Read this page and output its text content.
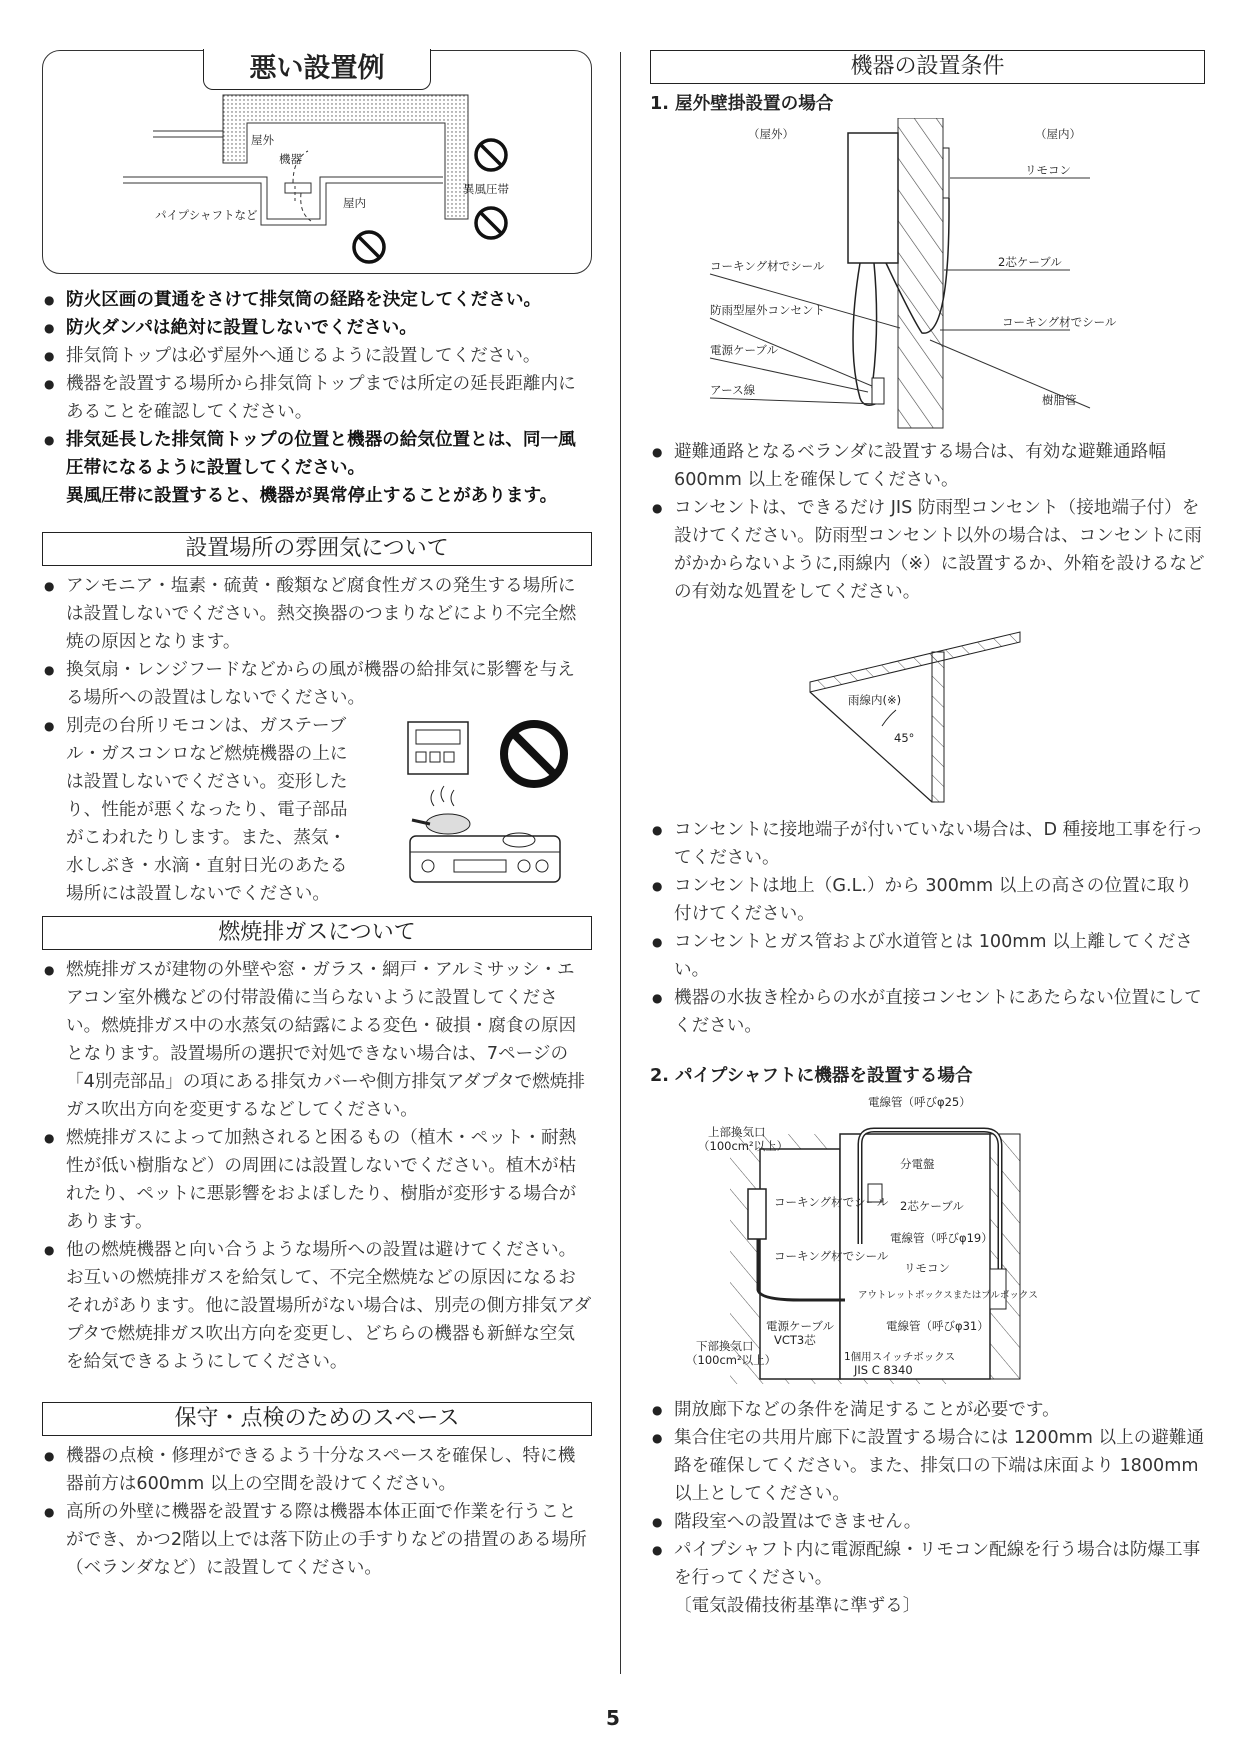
悪い設置例
屋外
機器
屋内
パイプシャフトなど
異風圧帯
● 防火区画の貫通をさけて排気筒の経路を決定してください。
● 防火ダンパは絶対に設置しないでください。
● 排気筒トップは必ず屋外へ通じるように設置してください。
● 機器を設置する場所から排気筒トップまでは所定の延長距離内にあることを確認してください。
● 排気延長した排気筒トップの位置と機器の給気位置とは、同一風圧帯になるように設置してください。
異風圧帯に設置すると、機器が異常停止することがあります。
設置場所の雰囲気について
● アンモニア・塩素・硫黄・酸類など腐食性ガスの発生する場所には設置しないでください。熱交換器のつまりなどにより不完全燃焼の原因となります。
● 換気扇・レンジフードなどからの風が機器の給排気に影響を与える場所への設置はしないでください。
● 別売の台所リモコンは、ガステーブル・ガスコンロなど燃焼機器の上には設置しないでください。変形したり、性能が悪くなったり、電子部品がこわれたりします。また、蒸気・水しぶき・水滴・直射日光のあたる場所には設置しないでください。
燃焼排ガスについて
● 燃焼排ガスが建物の外壁や窓・ガラス・網戸・アルミサッシ・エアコン室外機などの付帯設備に当らないように設置してください。燃焼排ガス中の水蒸気の結露による変色・破損・腐食の原因となります。設置場所の選択で対処できない場合は、7ページの「4別売部品」の項にある排気カバーや側方排気アダプタで燃焼排ガス吹出方向を変更するなどしてください。
● 燃焼排ガスによって加熱されると困るもの（植木・ペット・耐熱性が低い樹脂など）の周囲には設置しないでください。植木が枯れたり、ペットに悪影響をおよぼしたり、樹脂が変形する場合があります。
● 他の燃焼機器と向い合うような場所への設置は避けてください。お互いの燃焼排ガスを給気して、不完全燃焼などの原因になるおそれがあります。他に設置場所がない場合は、別売の側方排気アダプタで燃焼排ガス吹出方向を変更し、どちらの機器も新鮮な空気を給気できるようにしてください。
保守・点検のためのスペース
● 機器の点検・修理ができるよう十分なスペースを確保し、特に機器前方は600mm 以上の空間を設けてください。
● 高所の外壁に機器を設置する際は機器本体正面で作業を行うことができ、かつ2階以上では落下防止の手すりなどの措置のある場所（ベランダなど）に設置してください。
機器の設置条件
1. 屋外壁掛設置の場合
（屋外）	（屋内）
リモコン
2芯ケーブル
コーキング材でシール
防雨型屋外コンセント
電源ケーブル
コーキング材でシール
アース線
樹脂管
● 避難通路となるベランダに設置する場合は、有効な避難通路幅600mm 以上を確保してください。
● コンセントは、できるだけ JIS 防雨型コンセント（接地端子付）を設けてください。防雨型コンセント以外の場合は、コンセントに雨がかからないように,雨線内（※）に設置するか、外箱を設けるなどの有効な処置をしてください。
雨線内(※)
45°
● コンセントに接地端子が付いていない場合は、D 種接地工事を行ってください。
● コンセントは地上（G.L.）から 300mm 以上の高さの位置に取り付けてください。
● コンセントとガス管および水道管とは 100mm 以上離してください。
● 機器の水抜き栓からの水が直接コンセントにあたらない位置にしてください。
2. パイプシャフトに機器を設置する場合
電線管（呼びφ25）
上部換気口
（100cm²以上）
分電盤
コーキング材でシール 2芯ケーブル
電線管（呼びφ19）
コーキング材でシール
リモコン
アウトレットボックスまたはプルボックス
電源ケーブル
VCT3芯
電線管（呼びφ31）
下部換気口
（100cm²以上）	1個用スイッチボックス
JIS C 8340
● 開放廊下などの条件を満足することが必要です。
● 集合住宅の共用片廊下に設置する場合には 1200mm 以上の避難通路を確保してください。また、排気口の下端は床面より 1800mm 以上としてください。
● 階段室への設置はできません。
● パイプシャフト内に電源配線・リモコン配線を行う場合は防爆工事を行ってください。
〔電気設備技術基準に準ずる〕
5
